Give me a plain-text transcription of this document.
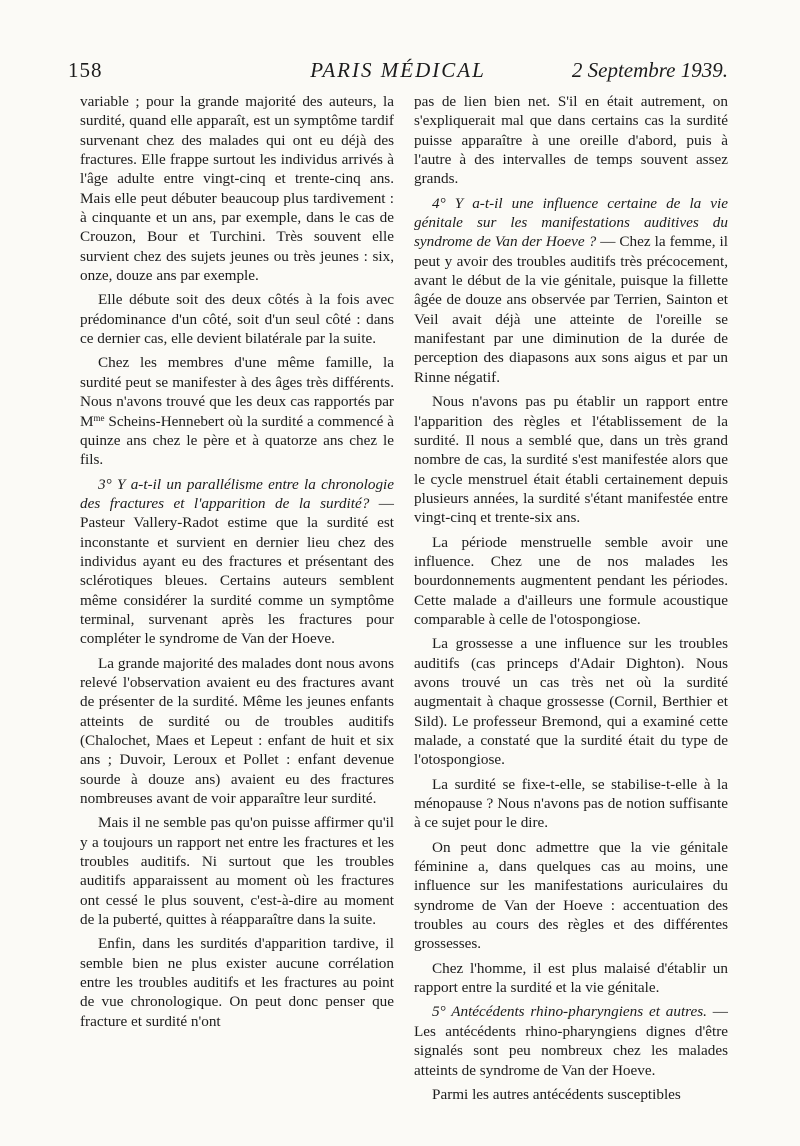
158	PARIS MÉDICAL	2 Septembre 1939.

variable ; pour la grande majorité des auteurs, la surdité, quand elle apparaît, est un symptôme tardif survenant chez des malades qui ont eu déjà des fractures. Elle frappe surtout les individus arrivés à l'âge adulte entre vingt-cinq et trente-cinq ans. Mais elle peut débuter beaucoup plus tardivement : à cinquante et un ans, par exemple, dans le cas de Crouzon, Bour et Turchini. Très souvent elle survient chez des sujets jeunes ou très jeunes : six, onze, douze ans par exemple.

Elle débute soit des deux côtés à la fois avec prédominance d'un côté, soit d'un seul côté : dans ce dernier cas, elle devient bilatérale par la suite.

Chez les membres d'une même famille, la surdité peut se manifester à des âges très différents. Nous n'avons trouvé que les deux cas rapportés par $M^{me}$ Scheins-Hennebert où la surdité a commencé à quinze ans chez le père et à quatorze ans chez le fils.

3° Y a-t-il un parallélisme entre la chronologie des fractures et l'apparition de la surdité? — Pasteur Vallery-Radot estime que la surdité est inconstante et survient en dernier lieu chez des individus ayant eu des fractures et présentant des sclérotiques bleues. Certains auteurs semblent même considérer la surdité comme un symptôme terminal, survenant après les fractures pour compléter le syndrome de Van der Hoeve.

La grande majorité des malades dont nous avons relevé l'observation avaient eu des fractures avant de présenter de la surdité. Même les jeunes enfants atteints de surdité ou de troubles auditifs (Chalochet, Maes et Lepeut : enfant de huit et six ans ; Duvoir, Leroux et Pollet : enfant devenue sourde à douze ans) avaient eu des fractures nombreuses avant de voir apparaître leur surdité.

Mais il ne semble pas qu'on puisse affirmer qu'il y a toujours un rapport net entre les fractures et les troubles auditifs. Ni surtout que les troubles auditifs apparaissent au moment où les fractures ont cessé le plus souvent, c'est-à-dire au moment de la puberté, quittes à réapparaître dans la suite.

Enfin, dans les surdités d'apparition tardive, il semble bien ne plus exister aucune corrélation entre les troubles auditifs et les fractures au point de vue chronologique. On peut donc penser que fracture et surdité n'ont

pas de lien bien net. S'il en était autrement, on s'expliquerait mal que dans certains cas la surdité puisse apparaître à une oreille d'abord, puis à l'autre à des intervalles de temps souvent assez grands.

4° Y a-t-il une influence certaine de la vie génitale sur les manifestations auditives du syndrome de Van der Hoeve ? — Chez la femme, il peut y avoir des troubles auditifs très précocement, avant le début de la vie génitale, puisque la fillette âgée de douze ans observée par Terrien, Sainton et Veil avait déjà une atteinte de l'oreille se manifestant par une diminution de la durée de perception des diapasons aux sons aigus et par un Rinne négatif.

Nous n'avons pas pu établir un rapport entre l'apparition des règles et l'établissement de la surdité. Il nous a semblé que, dans un très grand nombre de cas, la surdité s'est manifestée alors que le cycle menstruel était établi certainement depuis plusieurs années, la surdité s'étant manifestée entre vingt-cinq et trente-six ans.

La période menstruelle semble avoir une influence. Chez une de nos malades les bourdonnements augmentent pendant les périodes. Cette malade a d'ailleurs une formule acoustique comparable à celle de l'otospongiose.

La grossesse a une influence sur les troubles auditifs (cas princeps d'Adair Dighton). Nous avons trouvé un cas très net où la surdité augmentait à chaque grossesse (Cornil, Berthier et Sild). Le professeur Bremond, qui a examiné cette malade, a constaté que la surdité était du type de l'otospongiose.

La surdité se fixe-t-elle, se stabilise-t-elle à la ménopause ? Nous n'avons pas de notion suffisante à ce sujet pour le dire.

On peut donc admettre que la vie génitale féminine a, dans quelques cas au moins, une influence sur les manifestations auriculaires du syndrome de Van der Hoeve : accentuation des troubles au cours des règles et des différentes grossesses.

Chez l'homme, il est plus malaisé d'établir un rapport entre la surdité et la vie génitale.

5° Antécédents rhino-pharyngiens et autres. — Les antécédents rhino-pharyngiens dignes d'être signalés sont peu nombreux chez les malades atteints de syndrome de Van der Hoeve.

Parmi les autres antécédents susceptibles
